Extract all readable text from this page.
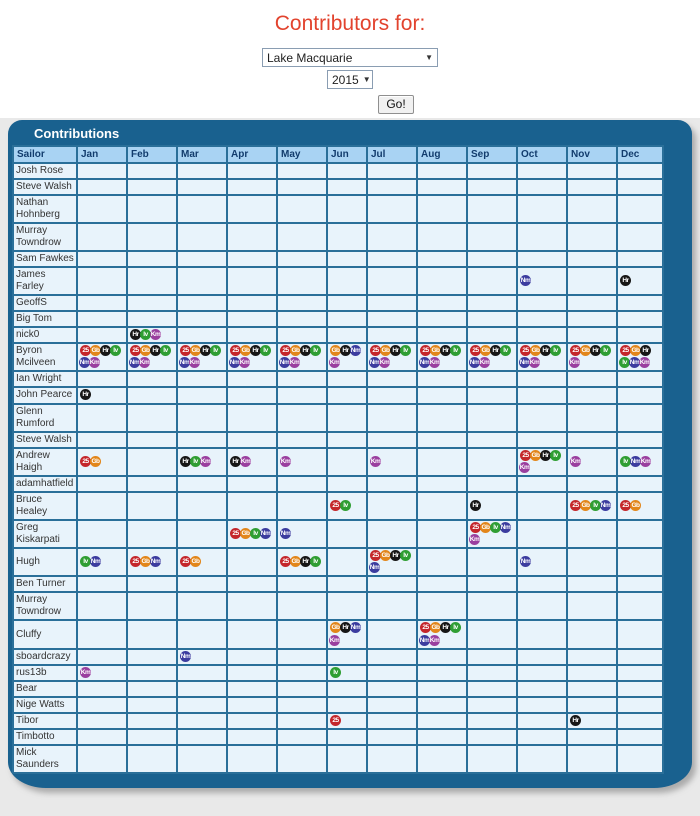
Contributors for:
Lake Macquarie	▼
2015 ▼
Go!
Contributions
Sailor	Jan	Feb	Mar	Apr	May	Jun	Jul	Aug	Sep	Oct	Nov	Dec
Josh Rose												
Steve Walsh												
Nathan Hohnberg												
Murray Towndrow												
Sam Fawkes												
James Farley										Nm		Hr
GeoffS												
Big Tom												
nick0		Hr Iv Km										
Byron Mcilveen	25 Gb Hr IvNmKm	25 Gb Hr IvNmKm	25 Gb Hr IvNmKm	25 Gb Hr IvNmKm	25 Gb Hr IvNmKm	Gb Hr NmKm	25 Gb Hr IvNmKm	25 Gb Hr IvNmKm	25 Gb Hr IvNmKm	25 Gb Hr IvNmKm	25 Gb Hr IvKm	25 Gb HrIv NmKm
Ian Wright												
John Pearce	Hr											
Glenn Rumford												
Steve Walsh												
Andrew Haigh	25 Gb		Hr Iv Km	Hr Km	Km		Km			25 Gb Hr IvKm	Km	Iv NmKm
adamhatfield												
Bruce Healey						25 Iv			Hr		25 Gb Iv Nm	25 Gb
Greg Kiskarpati				25 Gb Iv Nm	Nm				25 Gb Iv NmKm			
Hugh	Iv Nm	25 GbNm	25 Gb		25 Gb Hr Iv		25 Gb Hr IvNm			Nm		
Ben Turner												
Murray Towndrow												
Cluffy						Gb Hr NmKm		25 Gb Hr IvNmKm				
sboardcrazy			Nm									
rus13b	Km					Iv						
Bear												
Nige Watts												
Tibor						25					Hr	
Timbotto												
Mick Saunders												
